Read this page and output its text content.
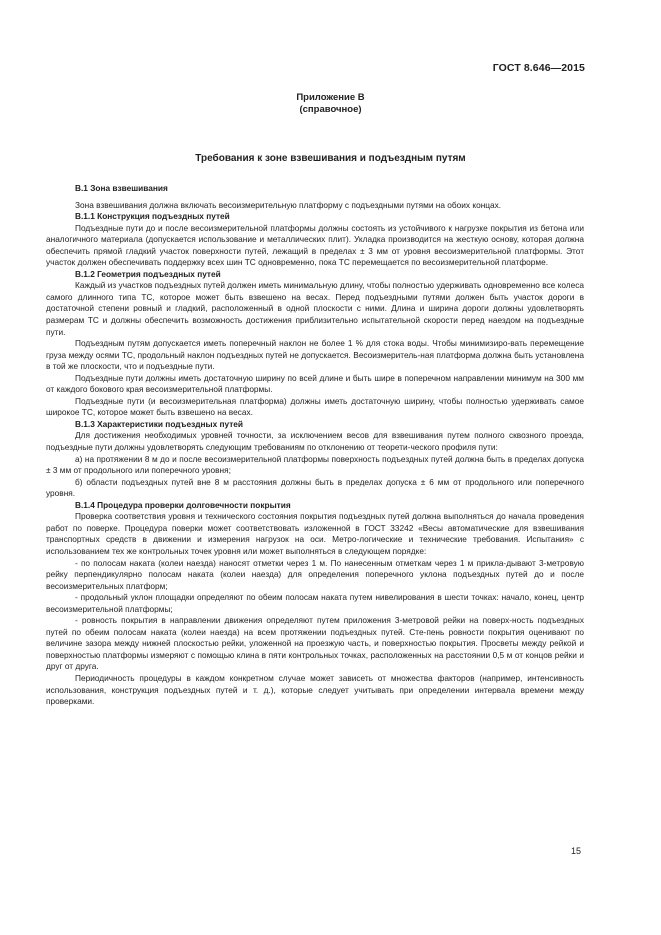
ГОСТ 8.646—2015
Приложение В
(справочное)
Требования к зоне взвешивания и подъездным путям

В.1 Зона взвешивания

Зона взвешивания должна включать весоизмерительную платформу с подъездными путями на обоих концах.

В.1.1 Конструкция подъездных путей

Подъездные пути до и после весоизмерительной платформы должны состоять из устойчивого к нагрузке покрытия из бетона или аналогичного материала (допускается использование и металлических плит). Укладка производится на жесткую основу, которая должна обеспечить прямой гладкий участок поверхности путей, лежащий в пределах ± 3 мм от уровня весоизмерительной платформы. Этот участок должен обеспечивать поддержку всех шин ТС одновременно, пока ТС перемещается по весоизмерительной платформе.

В.1.2 Геометрия подъездных путей

Каждый из участков подъездных путей должен иметь минимальную длину, чтобы полностью удерживать одновременно все колеса самого длинного типа ТС, которое может быть взвешено на весах. Перед подъездными путями должен быть участок дороги в достаточной степени ровный и гладкий, расположенный в одной плоскости с ними. Длина и ширина дороги должны удовлетворять размерам ТС и должны обеспечить возможность достижения приблизительно испытательной скорости перед наездом на подъездные пути.

Подъездным путям допускается иметь поперечный наклон не более 1 % для стока воды. Чтобы минимизиро-вать перемещение груза между осями ТС, продольный наклон подъездных путей не допускается. Весоизмеритель-ная платформа должна быть установлена в той же плоскости, что и подъездные пути.

Подъездные пути должны иметь достаточную ширину по всей длине и быть шире в поперечном направлении минимум на 300 мм от каждого бокового края весоизмерительной платформы.

Подъездные пути (и весоизмерительная платформа) должны иметь достаточную ширину, чтобы полностью удерживать самое широкое ТС, которое может быть взвешено на весах.

В.1.3 Характеристики подъездных путей

Для достижения необходимых уровней точности, за исключением весов для взвешивания путем полного сквозного проезда, подъездные пути должны удовлетворять следующим требованиям по отклонению от теорети-ческого профиля пути:

а) на протяжении 8 м до и после весоизмерительной платформы поверхность подъездных путей должна быть в пределах допуска ± 3 мм от продольного или поперечного уровня;

б) области подъездных путей вне 8 м расстояния должны быть в пределах допуска ± 6 мм от продольного или поперечного уровня.

В.1.4 Процедура проверки долговечности покрытия

Проверка соответствия уровня и технического состояния покрытия подъездных путей должна выполняться до начала проведения работ по поверке. Процедура поверки может соответствовать изложенной в ГОСТ 33242 «Весы автоматические для взвешивания транспортных средств в движении и измерения нагрузок на оси. Метро-логические и технические требования. Испытания» с использованием тех же контрольных точек уровня или может выполняться в следующем порядке:

- по полосам наката (колеи наезда) наносят отметки через 1 м. По нанесенным отметкам через 1 м прикла-дывают 3-метровую рейку перпендикулярно полосам наката (колеи наезда) для определения поперечного уклона подъездных путей до и после весоизмерительных платформ;

- продольный уклон площадки определяют по обеим полосам наката путем нивелирования в шести точках: начало, конец, центр весоизмерительной платформы;

- ровность покрытия в направлении движения определяют путем приложения 3-метровой рейки на поверх-ность подъездных путей по обеим полосам наката (колеи наезда) на всем протяжении подъездных путей. Сте-пень ровности покрытия оценивают по величине зазора между нижней плоскостью рейки, уложенной на проезжую часть, и поверхностью покрытия. Просветы между рейкой и поверхностью платформы измеряют с помощью клина в пяти контрольных точках, расположенных на расстоянии 0,5 м от концов рейки и друг от друга.

Периодичность процедуры в каждом конкретном случае может зависеть от множества факторов (например, интенсивность использования, конструкция подъездных путей и т. д.), которые следует учитывать при определении интервала времени между проверками.

15
